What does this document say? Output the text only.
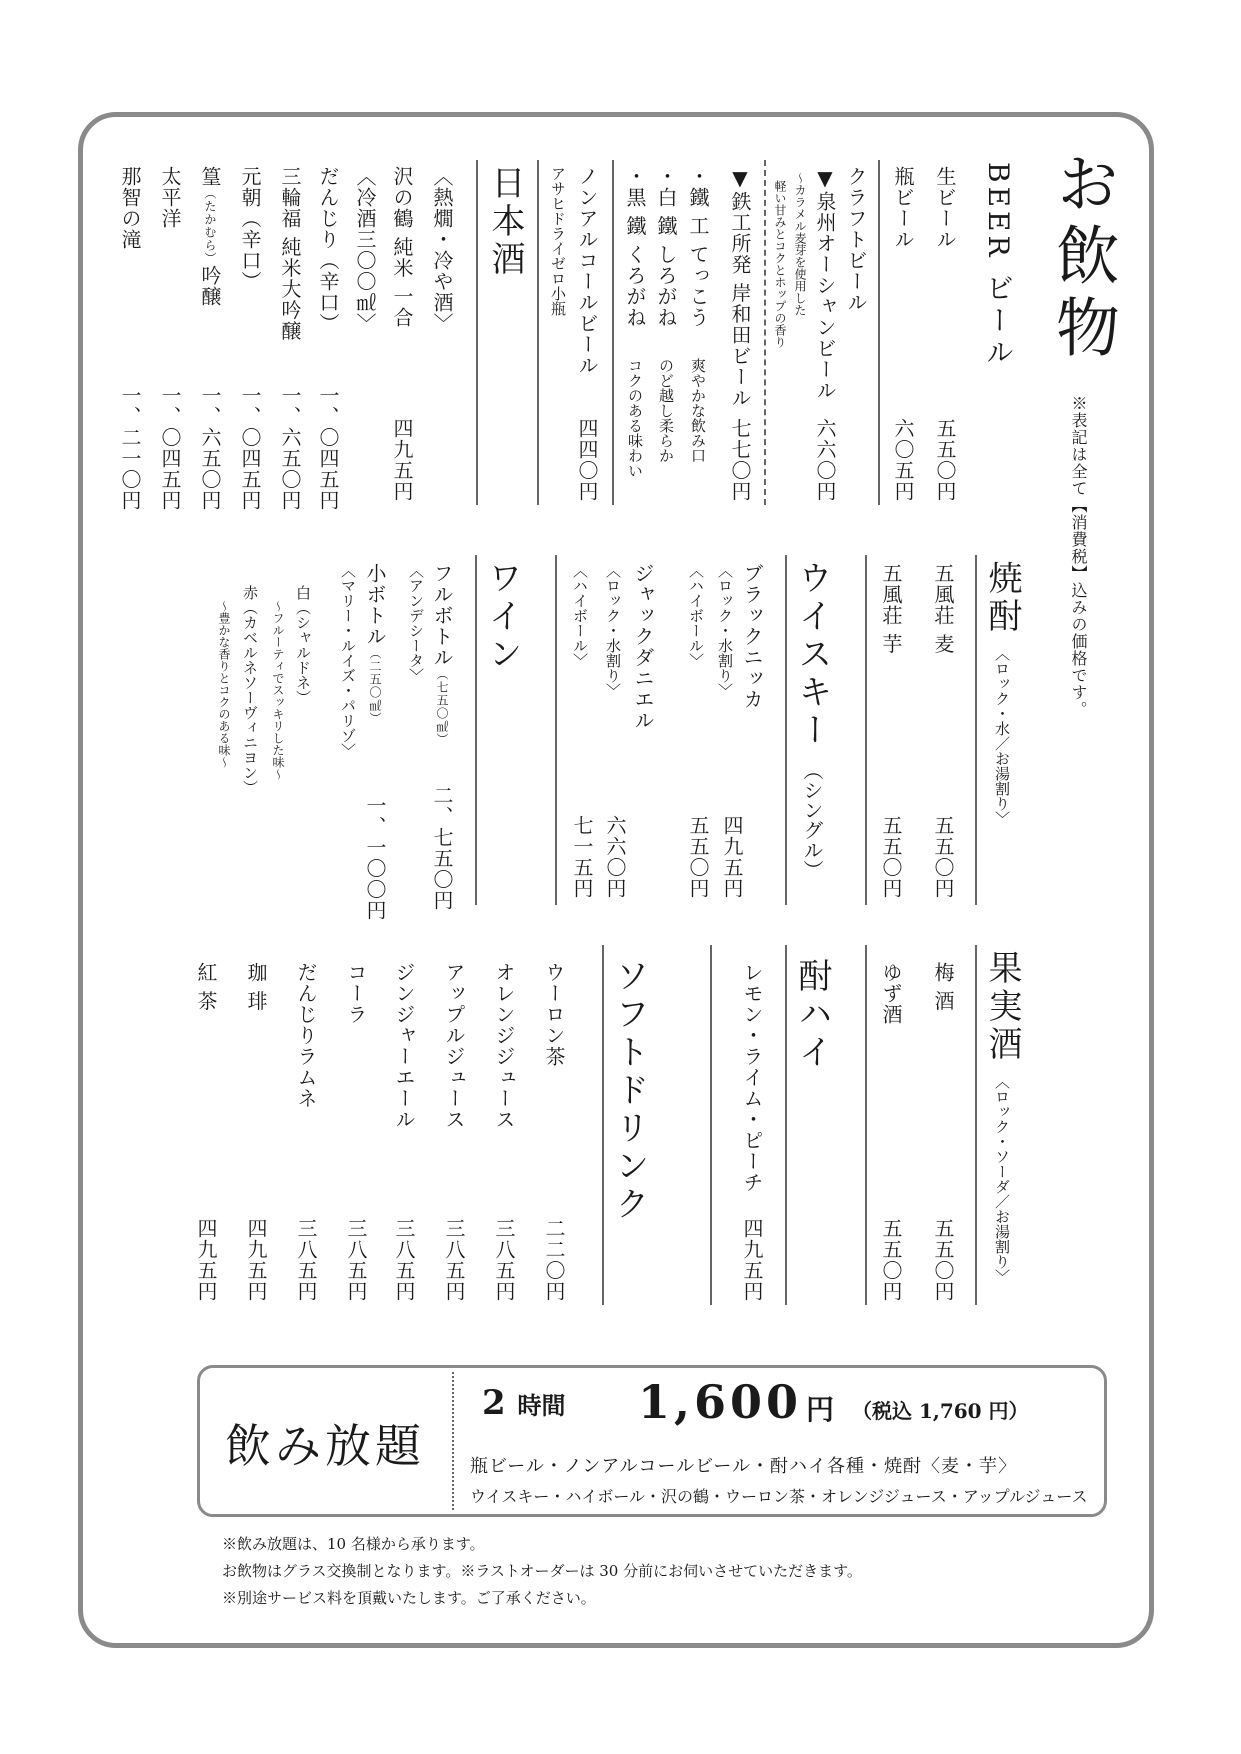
お飲物
※表記は全て【消費税】込みの価格です。
BEER ビール
生ビール
五五〇円
瓶ビール
六〇五円
クラフトビール
▼泉州オーシャンビール
六六〇円
～カラメル麦芽を使用した
軽い甘みとコクとホップの香り
▼鉄工所発 岸和田ビール
七七〇円
・鐵 工 てっこう
爽やかな飲み口
・白 鐵 しろがね
のど越し柔らか
・黒 鐵 くろがね
コクのある味わい
ノンアルコールビール
アサヒドライゼロ小瓶
四四〇円
日本酒
〈熱燗・冷や酒〉
沢の鶴 純米 一合
四九五円
〈冷酒三〇〇㎖〉
だんじり（辛口）
一、〇四五円
三輪福 純米大吟醸
一、六五〇円
元朝（辛口）
一、〇四五円
篁（たかむら）吟醸
一、六五〇円
太平洋
一、〇四五円
那智の滝
一、二一〇円
焼酎〈ロック・水／お湯割り〉
五風荘 麦
五五〇円
五風荘 芋
五五〇円
ウイスキー（シングル）
ブラックニッカ
四九五円
〈ロック・水割り〉
〈ハイボール〉
五五〇円
ジャックダニエル
〈ロック・水割り〉
六六〇円
〈ハイボール〉
七一五円
ワイン
フルボトル（七五〇㎖）
〈アンデシータ〉
二、七五〇円
小ボトル（二五〇㎖）
〈マリー・ルイズ・パリゾ〉
一、一〇〇円
白（シャルドネ）
～フルーティでスッキリした味～
赤（カベルネソーヴィニヨン）
～豊かな香りとコクのある味～
果実酒〈ロック・ソーダ／お湯割り〉
梅 酒
五五〇円
ゆず酒
五五〇円
酎ハイ
レモン・ライム・ピーチ
四九五円
ソフトドリンク
ウーロン茶
二二〇円
オレンジジュース
三八五円
アップルジュース
三八五円
ジンジャーエール
三八五円
コーラ
三八五円
だんじりラムネ
三八五円
珈 琲
四九五円
紅 茶
四九五円
飲み放題
2 時間 1,600 円 （税込 1,760 円）
瓶ビール・ノンアルコールビール・酎ハイ各種・焼酎〈麦・芋〉
ウイスキー・ハイボール・沢の鶴・ウーロン茶・オレンジジュース・アップルジュース
※飲み放題は、10 名様から承ります。
お飲物はグラス交換制となります。※ラストオーダーは 30 分前にお伺いさせていただきます。
※別途サービス料を頂戴いたします。ご了承ください。
